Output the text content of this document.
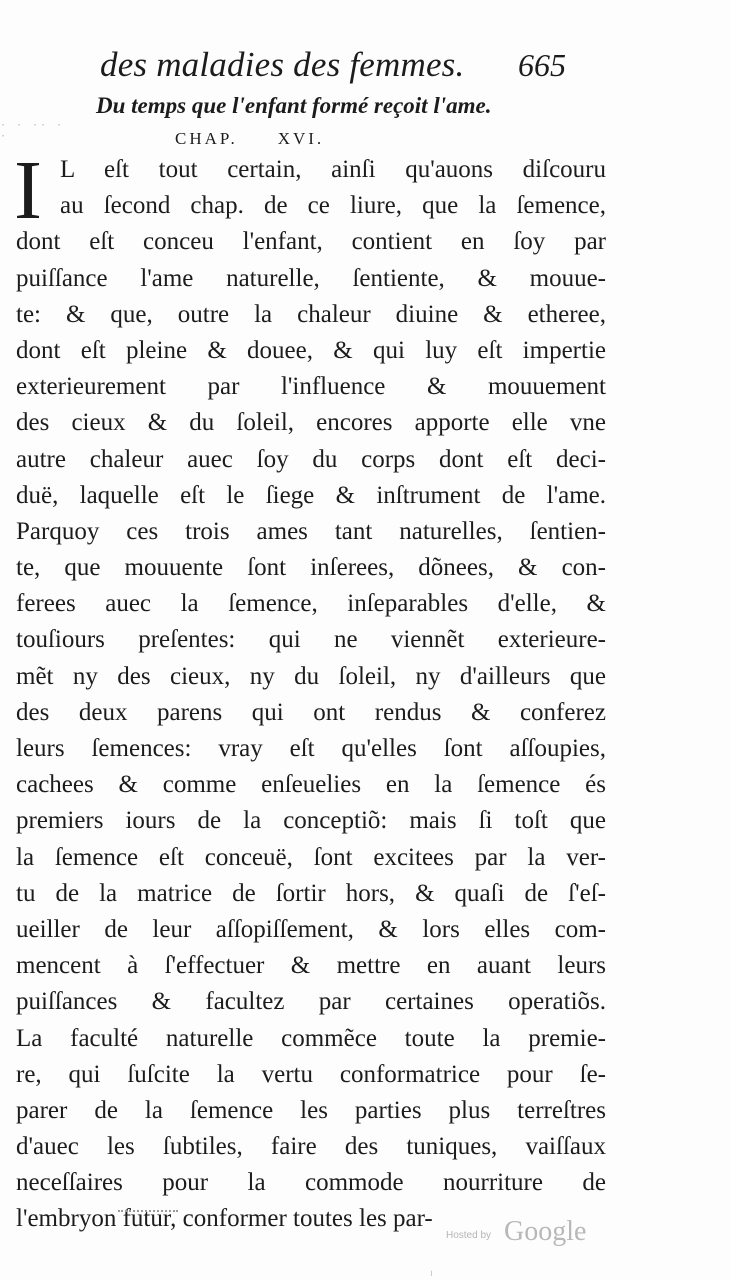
· · ·· · ·
des maladies des femmes.	665
Du temps que l'enfant formé reçoit l'ame.
CHAP. XVI.
I L eſt tout certain, ainſi qu'auons diſcouru
au ſecond chap. de ce liure, que la ſemence,
dont eſt conceu l'enfant, contient en ſoy par
puiſſance l'ame naturelle, ſentiente, & mouue-
te: & que, outre la chaleur diuine & etheree,
dont eſt pleine & douee, & qui luy eſt impertie
exterieurement par l'influence & mouuement
des cieux & du ſoleil, encores apporte elle vne
autre chaleur auec ſoy du corps dont eſt deci-
duë, laquelle eſt le ſiege & inſtrument de l'ame.
Parquoy ces trois ames tant naturelles, ſentien-
te, que mouuente ſont inſerees, dõnees, & con-
ferees auec la ſemence, inſeparables d'elle, &
touſiours preſentes: qui ne viennẽt exterieure-
mẽt ny des cieux, ny du ſoleil, ny d'ailleurs que
des deux parens qui ont rendus & conferez
leurs ſemences: vray eſt qu'elles ſont aſſoupies,
cachees & comme enſeuelies en la ſemence és
premiers iours de la conceptiõ: mais ſi toſt que
la ſemence eſt conceuë, ſont excitees par la ver-
tu de la matrice de ſortir hors, & quaſi de ſ'eſ-
ueiller de leur aſſopiſſement, & lors elles com-
mencent à ſ'effectuer & mettre en auant leurs
puiſſances & facultez par certaines operatiõs.
La faculté naturelle commẽce toute la premie-
re, qui ſuſcite la vertu conformatrice pour ſe-
parer de la ſemence les parties plus terreſtres
d'auec les ſubtiles, faire des tuniques, vaiſſaux
neceſſaires pour la commode nourriture de
l'embryon futur, conformer toutes les par-
Hosted by Google
ı
